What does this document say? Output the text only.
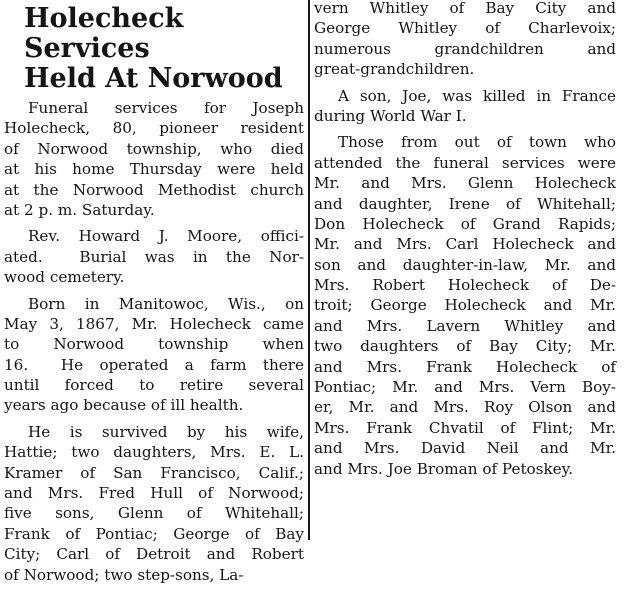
Holecheck Services
Held At Norwood
Funeral services for Joseph
Holecheck, 80, pioneer resident
of Norwood township, who died
at his home Thursday were held
at the Norwood Methodist church
at 2 p. m. Saturday.
Rev. Howard J. Moore, offici-
ated.  Burial was in the Nor-
wood cemetery.
Born in Manitowoc, Wis., on
May 3, 1867, Mr. Holecheck came
to  Norwood  township  when
16.  He operated a farm there
until forced to retire several
years ago because of ill health.
He is survived by his wife,
Hattie; two daughters, Mrs. E. L.
Kramer of San Francisco, Calif.;
and Mrs. Fred Hull of Norwood;
five sons, Glenn of Whitehall;
Frank of Pontiac; George of Bay
City; Carl of Detroit and Robert
of Norwood; two step-sons, La-
vern Whitley of Bay City and
George Whitley of Charlevoix;
numerous    grandchildren    and
great-grandchildren.
A son, Joe, was killed in France
during World War I.
Those from out of town who
attended the funeral services were
Mr. and Mrs. Glenn Holecheck
and daughter, Irene of Whitehall;
Don Holecheck of Grand Rapids;
Mr. and Mrs. Carl Holecheck and
son and daughter-in-law, Mr. and
Mrs. Robert Holecheck of De-
troit; George Holecheck and Mr.
and Mrs. Lavern Whitley and
two daughters of Bay City; Mr.
and Mrs. Frank Holecheck of
Pontiac; Mr. and Mrs. Vern Boy-
er, Mr. and Mrs. Roy Olson and
Mrs. Frank Chvatil of Flint; Mr.
and Mrs. David Neil and Mr.
and Mrs. Joe Broman of Petoskey.
